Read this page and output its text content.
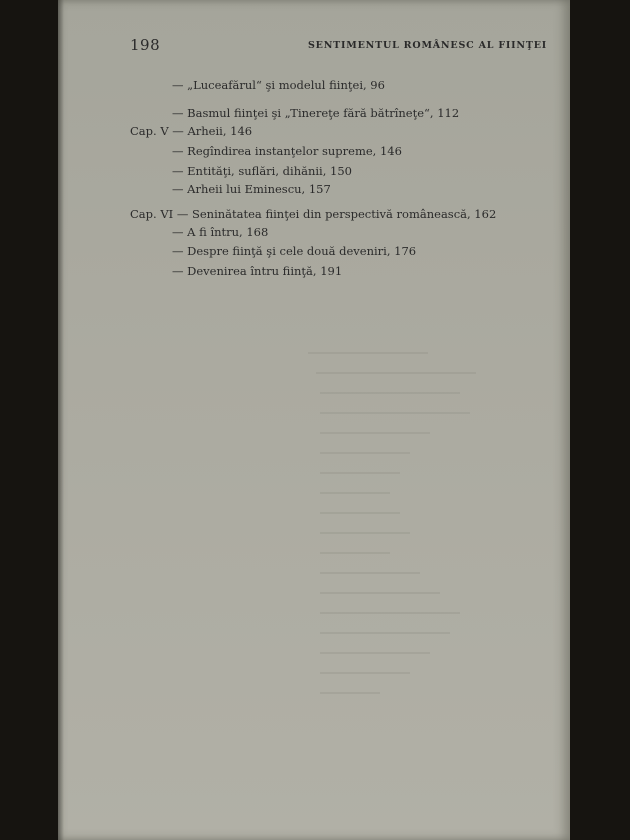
198	SENTIMENTUL ROMÂNESC AL FIINŢEI
— „Luceafărul“ şi modelul fiinţei, 96
— Basmul fiinţei şi „Tinereţe fără bătrîneţe“, 112
Cap. V — Arheii, 146
— Regîndirea instanţelor supreme, 146
— Entităţi, suflări, dihănii, 150
— Arheii lui Eminescu, 157
Cap. VI — Seninătatea fiinţei din perspectivă românească, 162
— A fi întru, 168
— Despre fiinţă şi cele două deveniri, 176
— Devenirea întru fiinţă, 191
